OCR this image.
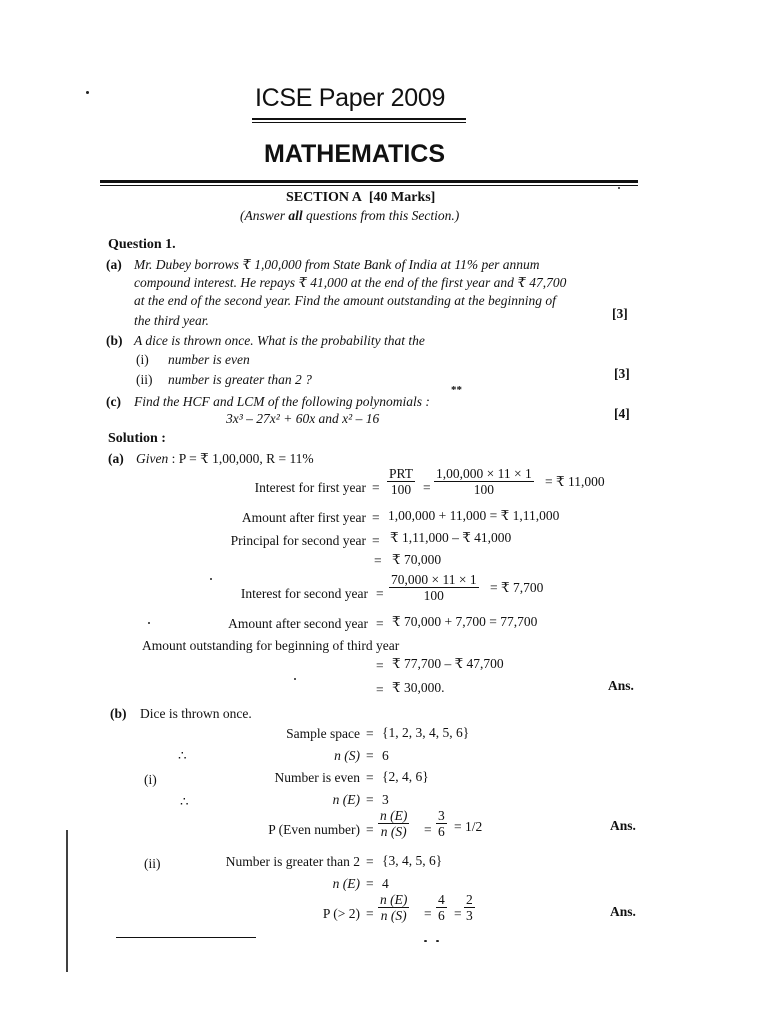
ICSE Paper 2009
MATHEMATICS
SECTION A [40 Marks]
(Answer all questions from this Section.)
Question 1.
(a) Mr. Dubey borrows ₹ 1,00,000 from State Bank of India at 11% per annum
compound interest. He repays ₹ 41,000 at the end of the first year and ₹ 47,700
at the end of the second year. Find the amount outstanding at the beginning of
the third year.	[3]
(b) A dice is thrown once. What is the probability that the
(i) number is even
(ii) number is greater than 2 ?	[3]
(c) Find the HCF and LCM of the following polynomials :
**
3x³ – 27x² + 60x and x² – 16	[4]
Solution :
(a) Given : P = ₹ 1,00,000, R = 11%
Interest for first year =
PRT
$100 = \frac{1,00,000 \times 11 \times 1}{100}$ = ₹ 11,000
Amount after first year = 1,00,000 + 11,000 = ₹ 1,11,000
Principal for second year = ₹ 1,11,000 – ₹ 41,000
= ₹ 70,000
Interest for second year = $\frac{70,000 \times 11 \times 1}{100}$ = ₹ 7,700
Amount after second year = ₹ 70,000 + 7,700 = 77,700
Amount outstanding for beginning of third year
= ₹ 77,700 – ₹ 47,700
= ₹ 30,000.	Ans.
(b) Dice is thrown once.
Sample space = {1, 2, 3, 4, 5, 6}
∴	n (S) = 6
(i)	Number is even = {2, 4, 6}
∴	n (E) = 3
P (Even number) = $\frac{n (E)}{n (S)} = \frac{3}{6} = 1/2$	Ans.
(ii)	Number is greater than 2 = {3, 4, 5, 6}
n (E) = 4
P (> $2) = \frac{n (E)}{n (S)} = \frac{4}{6} = \frac{2}{3}$	Ans.
